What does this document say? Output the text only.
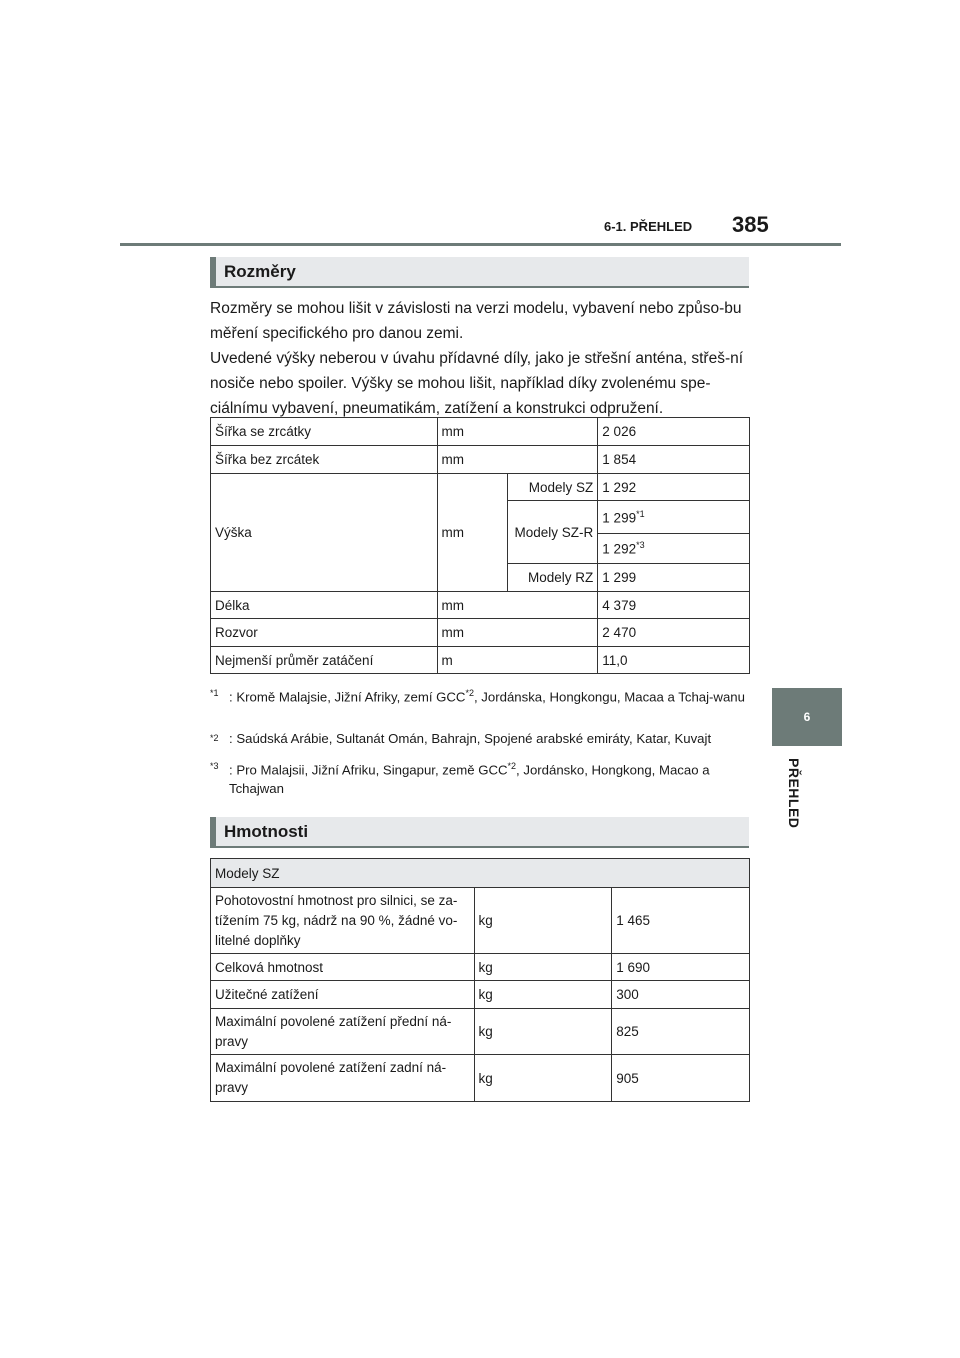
6-1. PŘEHLED 385
6
PŘEHLED
Rozměry

Rozměry se mohou lišit v závislosti na verzi modelu, vybavení nebo způso-bu měření specifického pro danou zemi.

Uvedené výšky neberou v úvahu přídavné díly, jako je střešní anténa, střeš-ní nosiče nebo spoiler. Výšky se mohou lišit, například díky zvolenému spe-ciálnímu vybavení, pneumatikám, zatížení a konstrukci odpružení.

Šířka se zrcátky	mm		2 026
Šířka bez zrcátek	mm		1 854
Výška	mm	Modely SZ	1 292
		Modely SZ-R	1 299$^{*1}$
			1 292$^{*3}$
		Modely RZ	1 299
Délka	mm		4 379
Rozvor	mm		2 470
Nejmenší průměr zatáčení	m		11,0
*1 : Kromě Malajsie, Jižní Afriky, zemí GCC$^{*2}$, Jordánska, Hongkongu, Macaa a Tchaj-wanu
*2 : Saúdská Arábie, Sultanát Omán, Bahrajn, Spojené arabské emiráty, Katar, Kuvajt
*3 : Pro Malajsii, Jižní Afriku, Singapur, země GCC$^{*2}$, Jordánsko, Hongkong, Macao a Tchajwan
Hmotnosti
Modely SZ		
Pohotovostní hmotnost pro silnici, se za-tížením 75 kg, nádrž na 90 %, žádné vo-litelné doplňky	kg	1 465
Celková hmotnost	kg	1 690
Užitečné zatížení	kg	300
Maximální povolené zatížení přední ná-pravy	kg	825
Maximální povolené zatížení zadní ná-pravy	kg	905
